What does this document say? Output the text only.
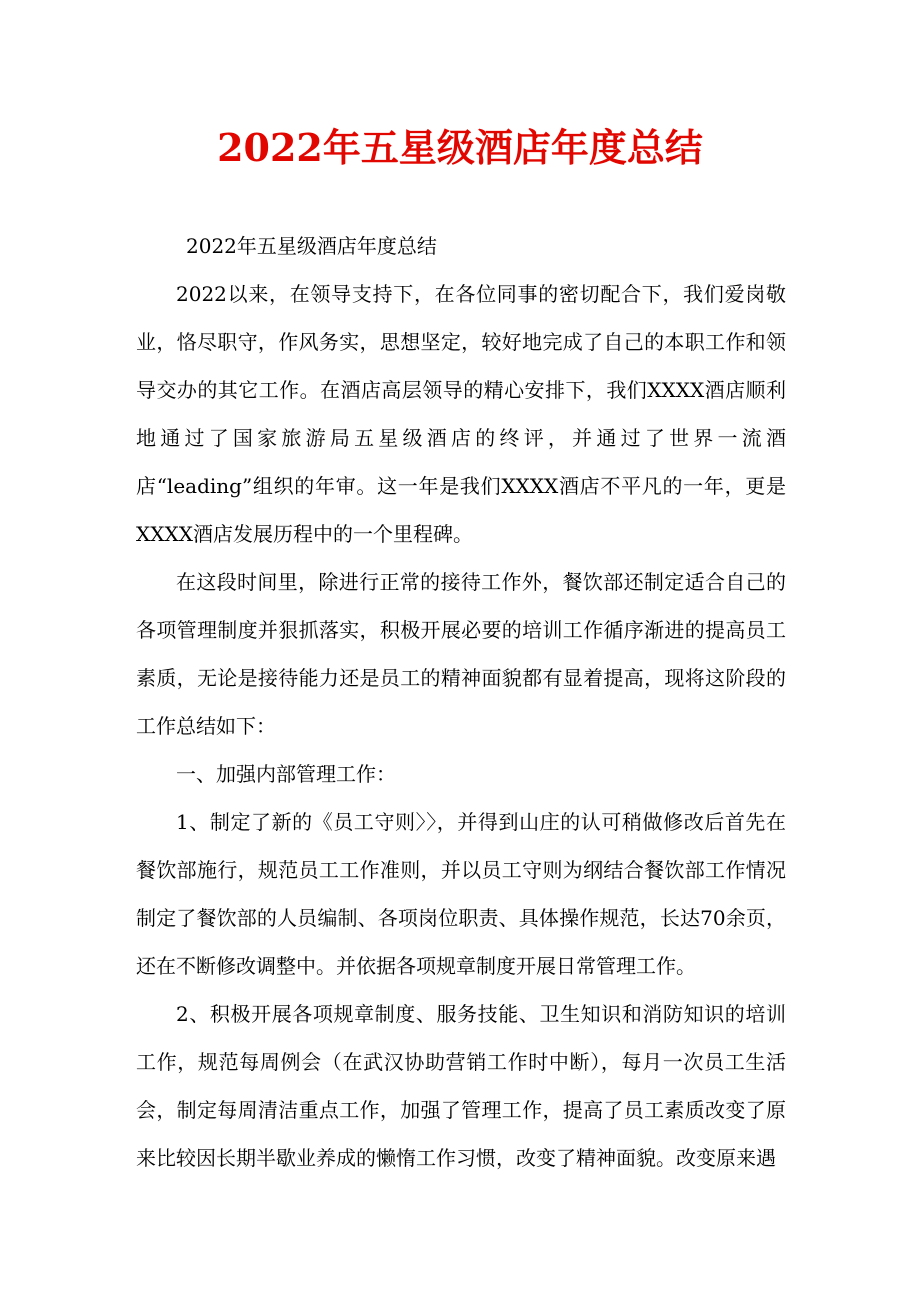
2022年五星级酒店年度总结

2022年五星级酒店年度总结

2022以来，在领导支持下，在各位同事的密切配合下，我们爱岗敬业，恪尽职守，作风务实，思想坚定，较好地完成了自己的本职工作和领导交办的其它工作。在酒店高层领导的精心安排下，我们XXXX酒店顺利地通过了国家旅游局五星级酒店的终评，并通过了世界一流酒店“leading”组织的年审。这一年是我们XXXX酒店不平凡的一年，更是XXXX酒店发展历程中的一个里程碑。

在这段时间里，除进行正常的接待工作外，餐饮部还制定适合自己的各项管理制度并狠抓落实，积极开展必要的培训工作循序渐进的提高员工素质，无论是接待能力还是员工的精神面貌都有显着提高，现将这阶段的工作总结如下：

一、加强内部管理工作：

1、制定了新的《员工守则〉〉，并得到山庄的认可稍做修改后首先在餐饮部施行，规范员工工作准则，并以员工守则为纲结合餐饮部工作情况制定了餐饮部的人员编制、各项岗位职责、具体操作规范，长达70余页，还在不断修改调整中。并依据各项规章制度开展日常管理工作。

2、积极开展各项规章制度、服务技能、卫生知识和消防知识的培训工作，规范每周例会（在武汉协助营销工作时中断），每月一次员工生活会，制定每周清洁重点工作，加强了管理工作，提高了员工素质改变了原来比较因长期半歇业养成的懒惰工作习惯，改变了精神面貌。改变原来遇
